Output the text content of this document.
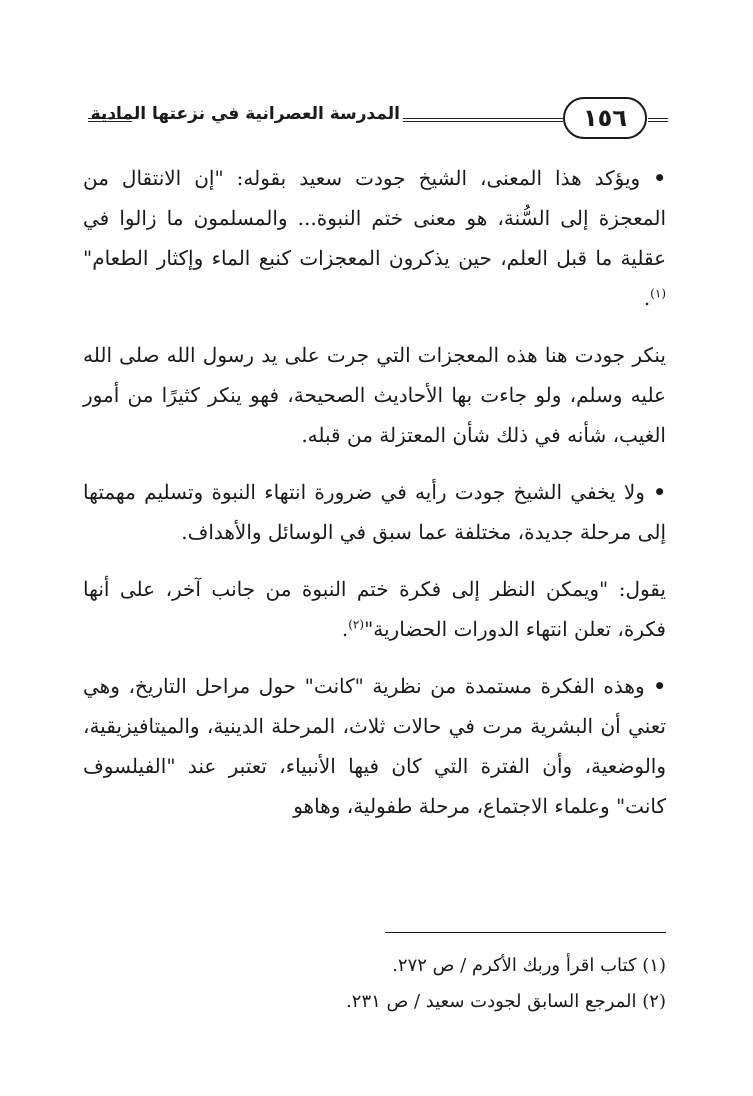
المدرسة العصرانية في نزعتها المادية	١٥٦

• ويؤكد هذا المعنى، الشيخ جودت سعيد بقوله: "إن الانتقال من المعجزة إلى السُّنة، هو معنى ختم النبوة... والمسلمون ما زالوا في عقلية ما قبل العلم، حين يذكرون المعجزات كنبع الماء وإكثار الطعام"$^{(١)}$.

ينكر جودت هنا هذه المعجزات التي جرت على يد رسول الله صلى الله عليه وسلم، ولو جاءت بها الأحاديث الصحيحة، فهو ينكر كثيرًا من أمور الغيب، شأنه في ذلك شأن المعتزلة من قبله.

• ولا يخفي الشيخ جودت رأيه في ضرورة انتهاء النبوة وتسليم مهمتها إلى مرحلة جديدة، مختلفة عما سبق في الوسائل والأهداف.

يقول: "ويمكن النظر إلى فكرة ختم النبوة من جانب آخر، على أنها فكرة، تعلن انتهاء الدورات الحضارية"$^{(٢)}$.

• وهذه الفكرة مستمدة من نظرية "كانت" حول مراحل التاريخ، وهي تعني أن البشرية مرت في حالات ثلاث، المرحلة الدينية، والميتافيزيقية، والوضعية، وأن الفترة التي كان فيها الأنبياء، تعتبر عند "الفيلسوف كانت" وعلماء الاجتماع، مرحلة طفولية، وهاهو

(١) كتاب اقرأ وربك الأكرم / ص ٢٧٢.

(٢) المرجع السابق لجودت سعيد / ص ٢٣١.
